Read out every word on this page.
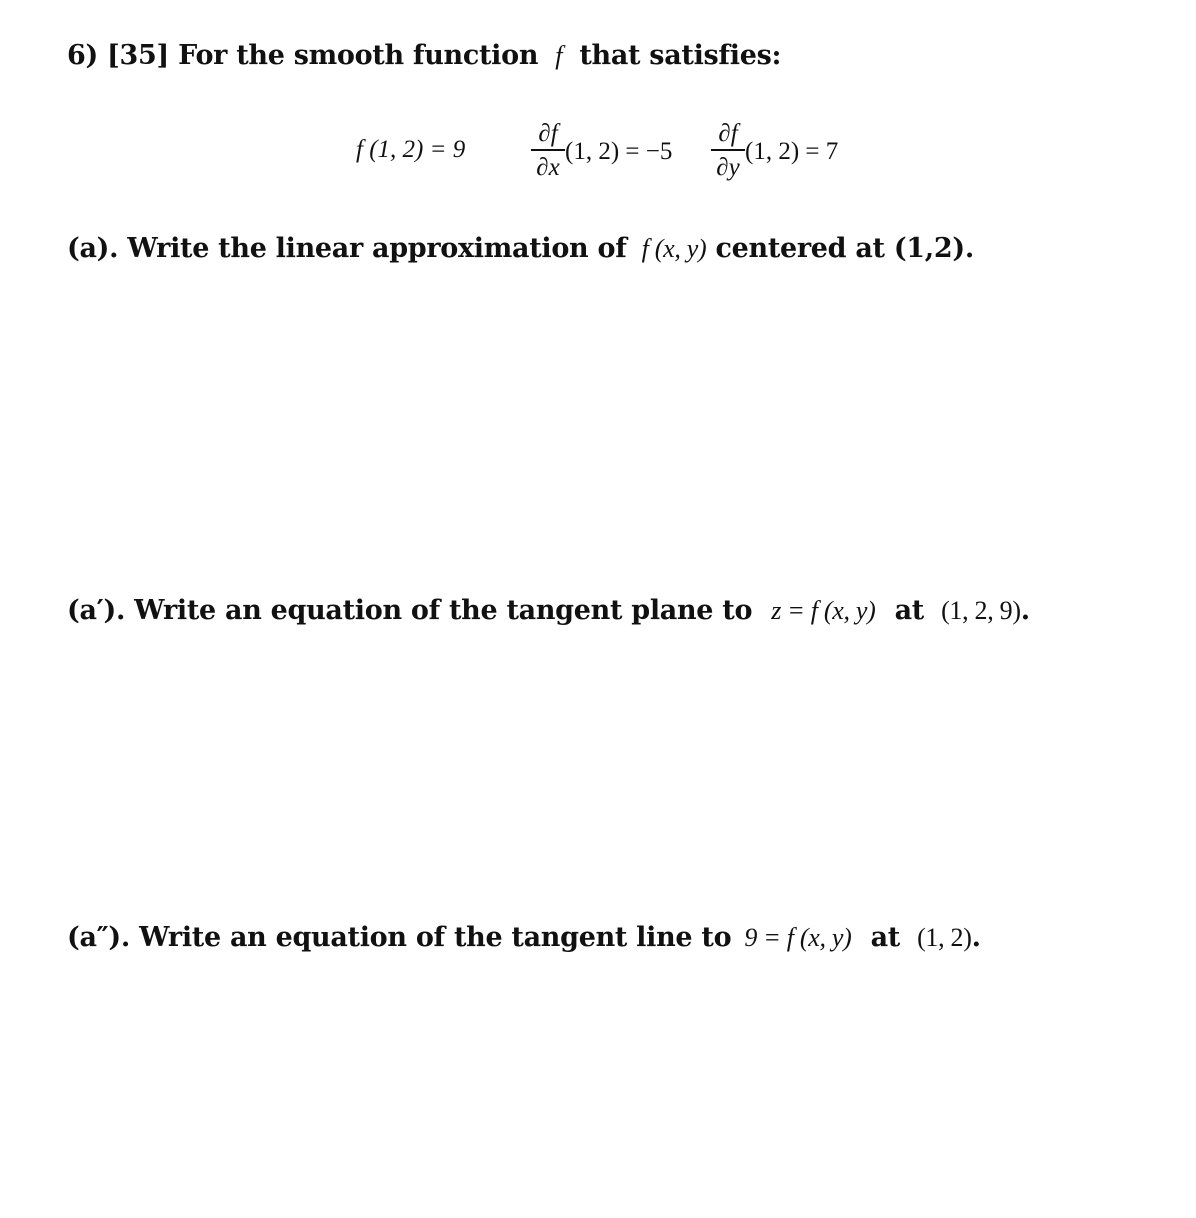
6) [35] For the smooth function f that satisfies:
f (1, 2) = 9
∂f
∂x
(1, 2) = −5
∂f
∂y
(1, 2) = 7
(a). Write the linear approximation of f (x, y) centered at (1,2).
(a′). Write an equation of the tangent plane to z = f (x, y) at (1, 2, 9).
(a″). Write an equation of the tangent line to 9 = f (x, y) at (1, 2).
